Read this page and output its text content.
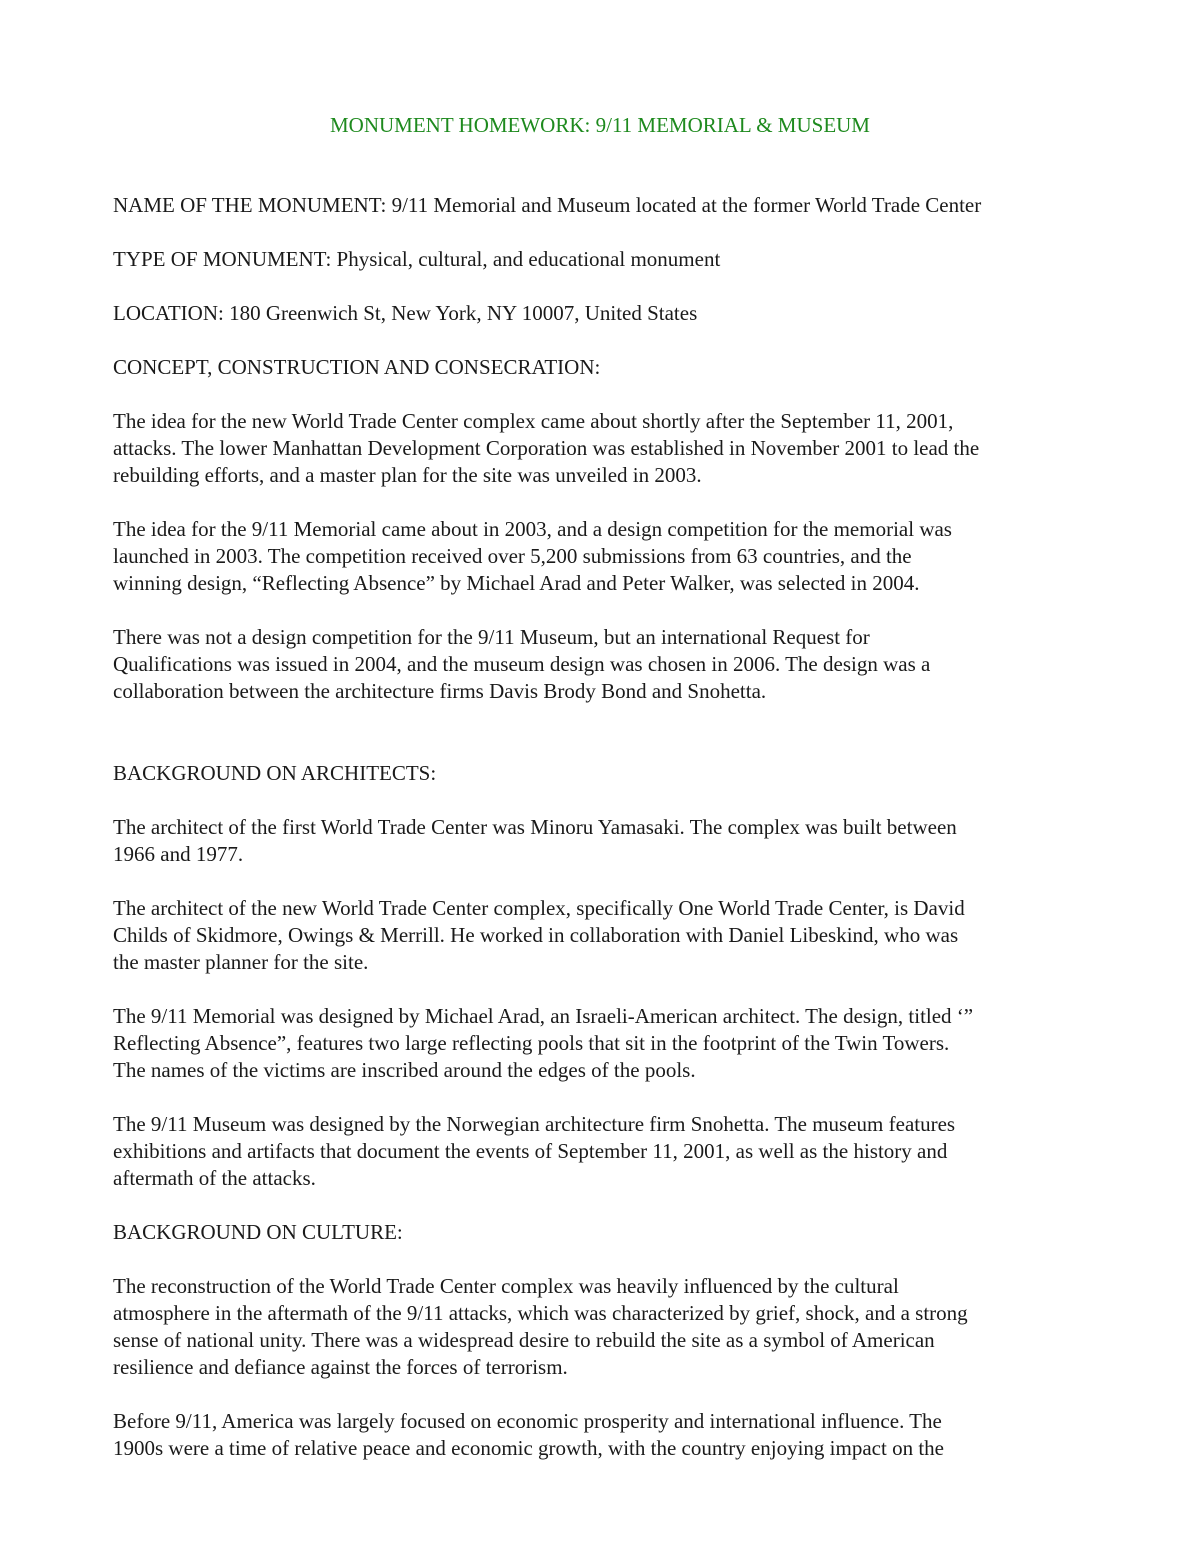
MONUMENT HOMEWORK: 9/11 MEMORIAL & MUSEUM

NAME OF THE MONUMENT: 9/11 Memorial and Museum located at the former World Trade Center

TYPE OF MONUMENT: Physical, cultural, and educational monument

LOCATION: 180 Greenwich St, New York, NY 10007, United States

CONCEPT, CONSTRUCTION AND CONSECRATION:

The idea for the new World Trade Center complex came about shortly after the September 11, 2001,
attacks. The lower Manhattan Development Corporation was established in November 2001 to lead the
rebuilding efforts, and a master plan for the site was unveiled in 2003.
The idea for the 9/11 Memorial came about in 2003, and a design competition for the memorial was
launched in 2003. The competition received over 5,200 submissions from 63 countries, and the
winning design, “Reflecting Absence” by Michael Arad and Peter Walker, was selected in 2004.
There was not a design competition for the 9/11 Museum, but an international Request for
Qualifications was issued in 2004, and the museum design was chosen in 2006. The design was a
collaboration between the architecture firms Davis Brody Bond and Snohetta.

BACKGROUND ON ARCHITECTS:

The architect of the first World Trade Center was Minoru Yamasaki. The complex was built between
1966 and 1977.
The architect of the new World Trade Center complex, specifically One World Trade Center, is David
Childs of Skidmore, Owings & Merrill. He worked in collaboration with Daniel Libeskind, who was
the master planner for the site.
The 9/11 Memorial was designed by Michael Arad, an Israeli-American architect. The design, titled ‘”
Reflecting Absence”, features two large reflecting pools that sit in the footprint of the Twin Towers.
The names of the victims are inscribed around the edges of the pools.
The 9/11 Museum was designed by the Norwegian architecture firm Snohetta. The museum features
exhibitions and artifacts that document the events of September 11, 2001, as well as the history and
aftermath of the attacks.

BACKGROUND ON CULTURE:

The reconstruction of the World Trade Center complex was heavily influenced by the cultural
atmosphere in the aftermath of the 9/11 attacks, which was characterized by grief, shock, and a strong
sense of national unity. There was a widespread desire to rebuild the site as a symbol of American
resilience and defiance against the forces of terrorism.
Before 9/11, America was largely focused on economic prosperity and international influence. The
1900s were a time of relative peace and economic growth, with the country enjoying impact on the
